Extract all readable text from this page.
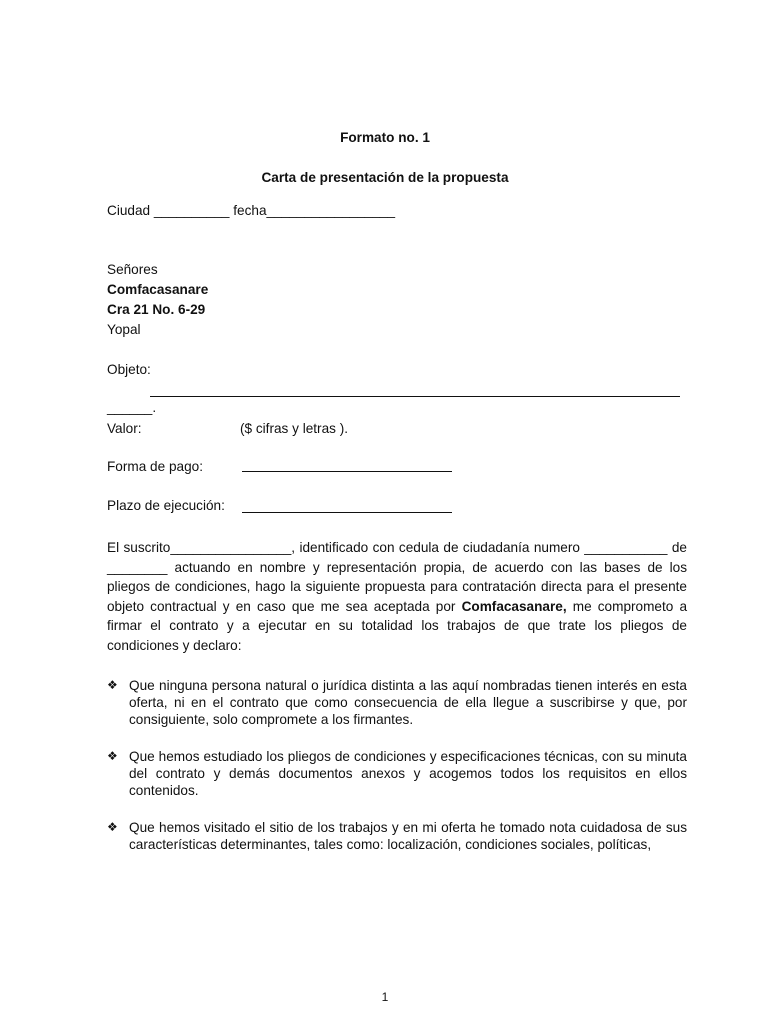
Formato no. 1
Carta de presentación de la propuesta
Ciudad __________ fecha_________________
Señores
Comfacasanare
Cra 21 No. 6-29
Yopal
Objeto:
______.
Valor:	($ cifras y letras ).
Forma de pago:
Plazo de ejecución:
El suscrito________________, identificado con cedula de ciudadanía numero ___________ de
________ actuando en nombre y representación propia, de acuerdo con las bases de los
pliegos de condiciones, hago la siguiente propuesta para contratación directa para el presente
objeto contractual y en caso que me sea aceptada por Comfacasanare, me comprometo a
firmar el contrato y a ejecutar en su totalidad los trabajos de que trate los pliegos de
condiciones y declaro:
❖ Que ninguna persona natural o jurídica distinta a las aquí nombradas tienen interés en esta oferta, ni en el contrato que como consecuencia de ella llegue a suscribirse y que, por consiguiente, solo compromete a los firmantes.
❖ Que hemos estudiado los pliegos de condiciones y especificaciones técnicas, con su minuta del contrato y demás documentos anexos y acogemos todos los requisitos en ellos contenidos.
❖ Que hemos visitado el sitio de los trabajos y en mi oferta he tomado nota cuidadosa de sus características determinantes, tales como: localización, condiciones sociales, políticas,
1
